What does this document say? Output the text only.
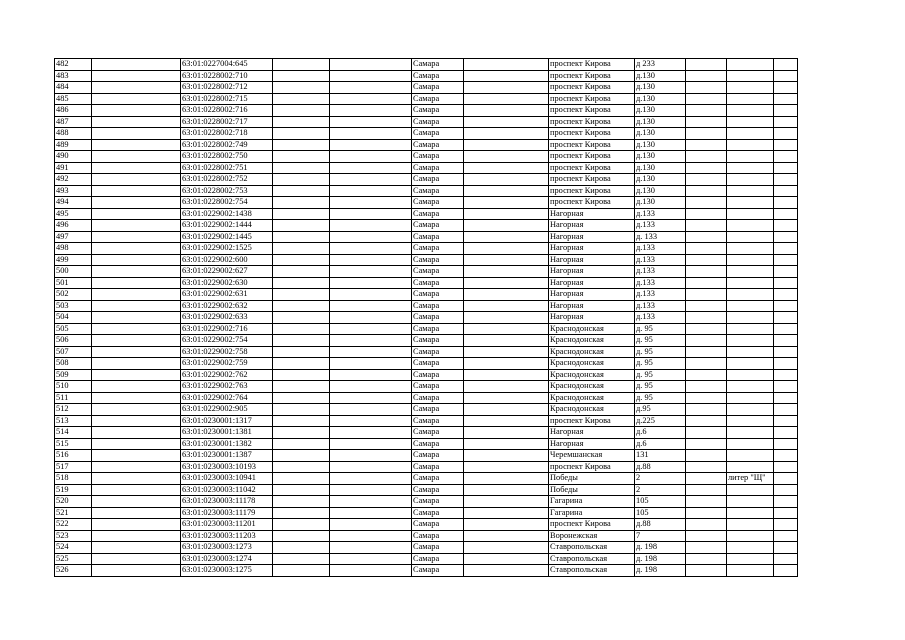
482		63:01:0227004:645			Самара		проспект Кирова	д 233			
483		63:01:0228002:710			Самара		проспект Кирова	д.130			
484		63:01:0228002:712			Самара		проспект Кирова	д.130			
485		63:01:0228002:715			Самара		проспект Кирова	д.130			
486		63:01:0228002:716			Самара		проспект Кирова	д.130			
487		63:01:0228002:717			Самара		проспект Кирова	д.130			
488		63:01:0228002:718			Самара		проспект Кирова	д.130			
489		63:01:0228002:749			Самара		проспект Кирова	д.130			
490		63:01:0228002:750			Самара		проспект Кирова	д.130			
491		63:01:0228002:751			Самара		проспект Кирова	д.130			
492		63:01:0228002:752			Самара		проспект Кирова	д.130			
493		63:01:0228002:753			Самара		проспект Кирова	д.130			
494		63:01:0228002:754			Самара		проспект Кирова	д.130			
495		63:01:0229002:1438			Самара		Нагорная	д.133			
496		63:01:0229002:1444			Самара		Нагорная	д.133			
497		63:01:0229002:1445			Самара		Нагорная	д. 133			
498		63:01:0229002:1525			Самара		Нагорная	д.133			
499		63:01:0229002:600			Самара		Нагорная	д.133			
500		63:01:0229002:627			Самара		Нагорная	д.133			
501		63:01:0229002:630			Самара		Нагорная	д.133			
502		63:01:0229002:631			Самара		Нагорная	д.133			
503		63:01:0229002:632			Самара		Нагорная	д.133			
504		63:01:0229002:633			Самара		Нагорная	д.133			
505		63:01:0229002:716			Самара		Краснодонская	д. 95			
506		63:01:0229002:754			Самара		Краснодонская	д. 95			
507		63:01:0229002:758			Самара		Краснодонская	д. 95			
508		63:01:0229002:759			Самара		Краснодонская	д. 95			
509		63:01:0229002:762			Самара		Краснодонская	д. 95			
510		63:01:0229002:763			Самара		Краснодонская	д. 95			
511		63:01:0229002:764			Самара		Краснодонская	д. 95			
512		63:01:0229002:905			Самара		Краснодонская	д.95			
513		63:01:0230001:1317			Самара		проспект Кирова	д.225			
514		63:01:0230001:1381			Самара		Нагорная	д.6			
515		63:01:0230001:1382			Самара		Нагорная	д.6			
516		63:01:0230001:1387			Самара		Черемшанская	131			
517		63:01:0230003:10193			Самара		проспект Кирова	д.88			
518		63:01:0230003:10941			Самара		Победы	2		литер "Щ"	
519		63:01:0230003:11042			Самара		Победы	2			
520		63:01:0230003:11178			Самара		Гагарина	105			
521		63:01:0230003:11179			Самара		Гагарина	105			
522		63:01:0230003:11201			Самара		проспект Кирова	д.88			
523		63:01:0230003:11203			Самара		Воронежская	7			
524		63:01:0230003:1273			Самара		Ставропольская	д. 198			
525		63:01:0230003:1274			Самара		Ставропольская	д. 198			
526		63:01:0230003:1275			Самара		Ставропольская	д. 198			
